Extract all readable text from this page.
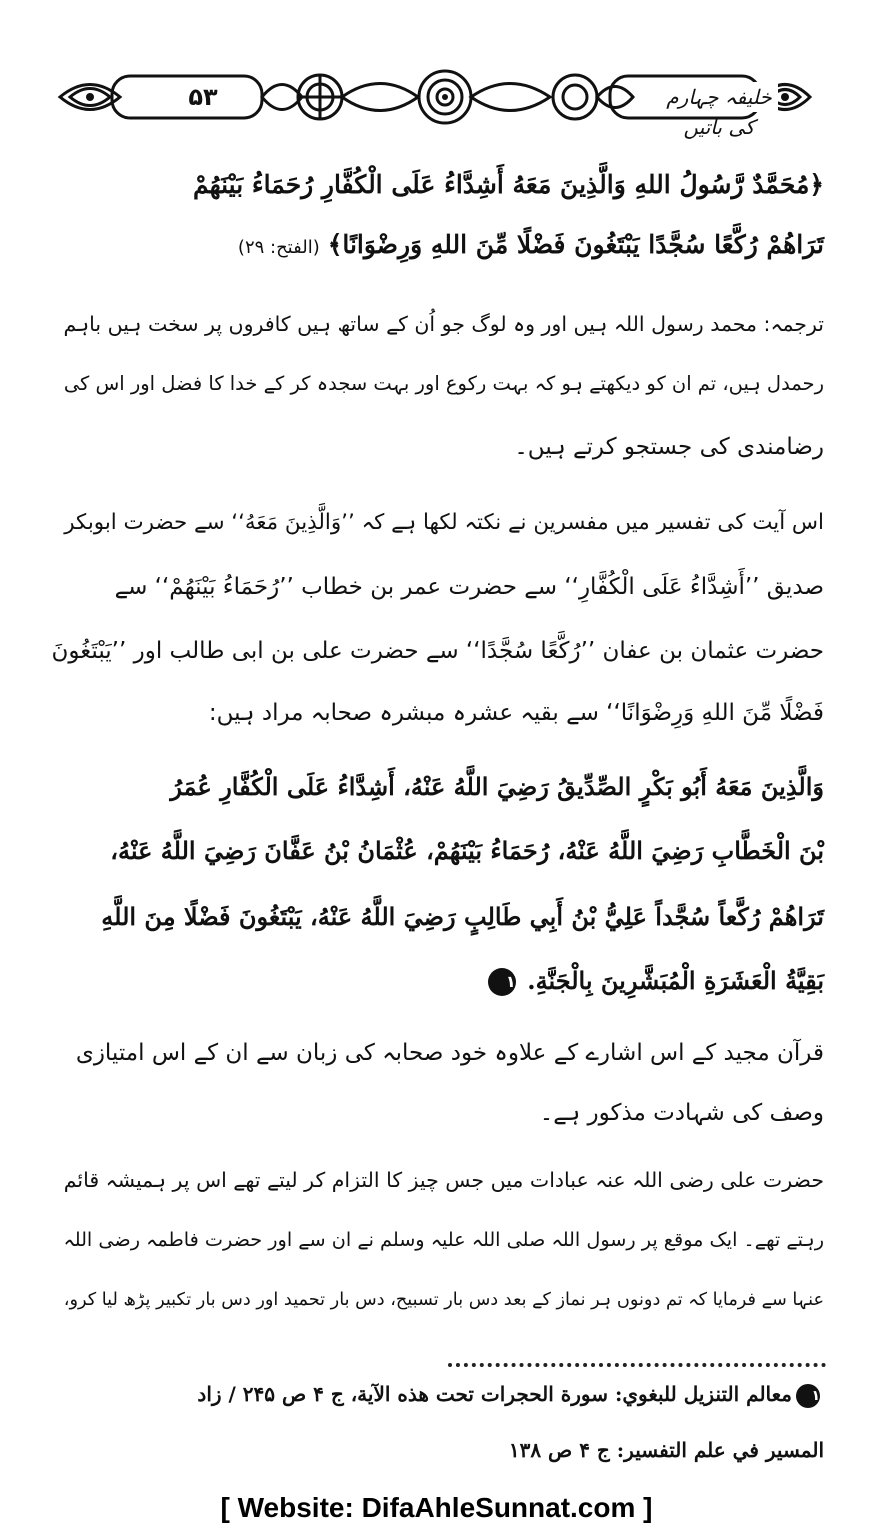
۵۳	خلیفہ چہارم کی باتیں
﴿مُحَمَّدٌ رَّسُولُ اللهِ وَالَّذِينَ مَعَهُ أَشِدَّاءُ عَلَى الْكُفَّارِ رُحَمَاءُ بَيْنَهُمْ
تَرَاهُمْ رُكَّعًا سُجَّدًا يَبْتَغُونَ فَضْلًا مِّنَ اللهِ وَرِضْوَانًا﴾ (الفتح: ۲۹)
ترجمہ: محمد رسول اللہ ہیں اور وہ لوگ جو اُن کے ساتھ ہیں کافروں پر سخت ہیں باہم
رحمدل ہیں، تم ان کو دیکھتے ہو کہ بہت رکوع اور بہت سجدہ کر کے خدا کا فضل اور اس کی
رضامندی کی جستجو کرتے ہیں۔
اس آیت کی تفسیر میں مفسرین نے نکتہ لکھا ہے کہ ’’وَالَّذِينَ مَعَهُ‘‘ سے حضرت ابوبکر
صدیق ’’أَشِدَّاءُ عَلَى الْكُفَّارِ‘‘ سے حضرت عمر بن خطاب ’’رُحَمَاءُ بَيْنَهُمْ‘‘ سے
حضرت عثمان بن عفان ’’رُكَّعًا سُجَّدًا‘‘ سے حضرت علی بن ابی طالب اور ’’يَبْتَغُونَ
فَضْلًا مِّنَ اللهِ وَرِضْوَانًا‘‘ سے بقیہ عشرہ مبشرہ صحابہ مراد ہیں:
وَالَّذِينَ مَعَهُ أَبُو بَكْرٍ الصِّدِّيقُ رَضِيَ اللَّهُ عَنْهُ، أَشِدَّاءُ عَلَى الْكُفَّارِ عُمَرُ
بْنَ الْخَطَّابِ رَضِيَ اللَّهُ عَنْهُ، رُحَمَاءُ بَيْنَهُمْ، عُثْمَانُ بْنُ عَفَّانَ رَضِيَ اللَّهُ عَنْهُ،
تَرَاهُمْ رُكَّعاً سُجَّداً عَلِيُّ بْنُ أَبِي طَالِبٍ رَضِيَ اللَّهُ عَنْهُ، يَبْتَغُونَ فَضْلًا مِنَ اللَّهِ
بَقِيَّةُ الْعَشَرَةِ الْمُبَشَّرِينَ بِالْجَنَّةِ. ۱
قرآن مجید کے اس اشارے کے علاوہ خود صحابہ کی زبان سے ان کے اس امتیازی
وصف کی شہادت مذکور ہے۔
حضرت علی رضی اللہ عنہ عبادات میں جس چیز کا التزام کر لیتے تھے اس پر ہمیشہ قائم
رہتے تھے۔ ایک موقع پر رسول اللہ صلی اللہ علیہ وسلم نے ان سے اور حضرت فاطمہ رضی اللہ
عنہا سے فرمایا کہ تم دونوں ہر نماز کے بعد دس بار تسبیح، دس بار تحمید اور دس بار تکبیر پڑھ لیا کرو،
۱معالم التنزيل للبغوي: سورة الحجرات تحت هذه الآية، ج ۴ ص ۲۴۵ / زاد
المسير في علم التفسير: ج ۴ ص ۱۳۸
[ Website: DifaAhleSunnat.com ]
